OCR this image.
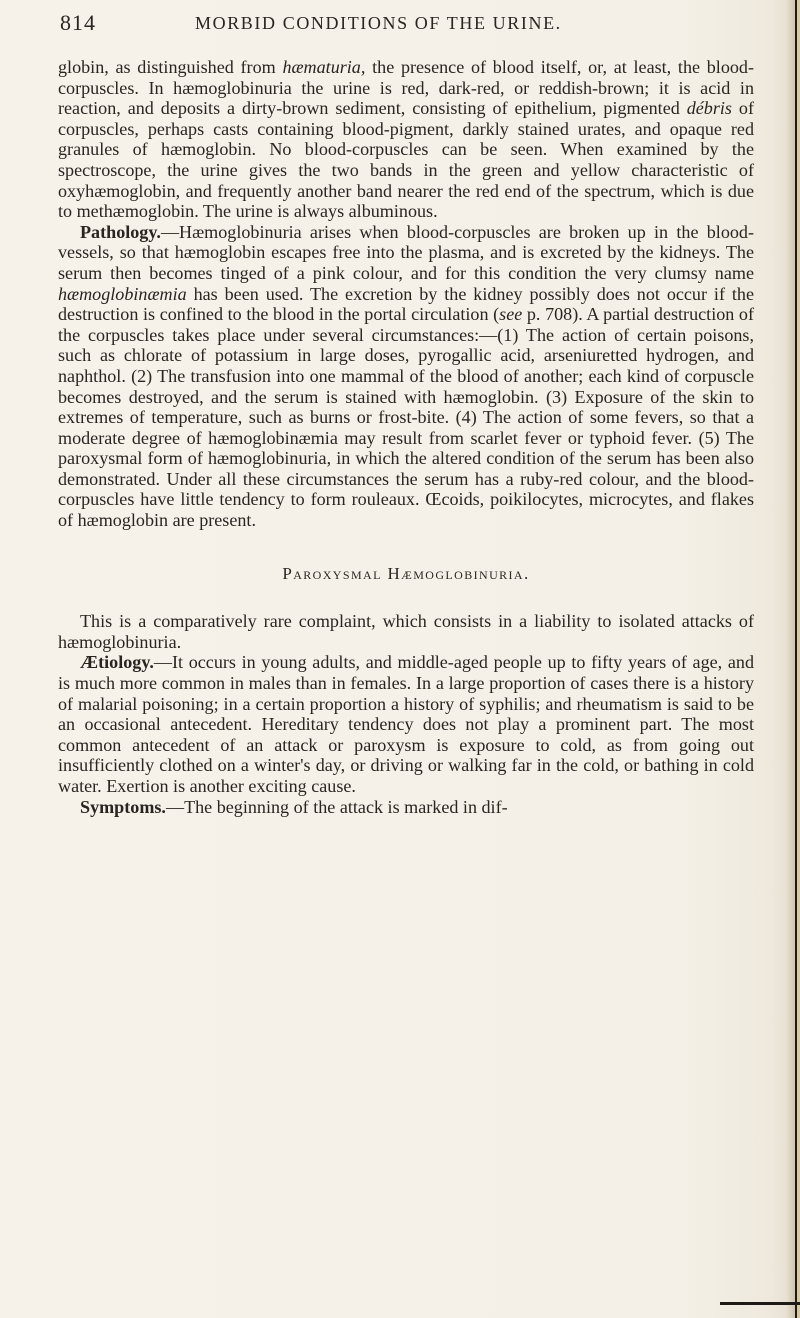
814	MORBID CONDITIONS OF THE URINE.

globin, as distinguished from hæmaturia, the presence of blood itself, or, at least, the blood-corpuscles. In hæmoglobinuria the urine is red, dark-red, or reddish-brown; it is acid in reaction, and deposits a dirty-brown sediment, consisting of epithelium, pigmented débris of corpuscles, perhaps casts containing blood-pigment, darkly stained urates, and opaque red granules of hæmoglobin. No blood-corpuscles can be seen. When examined by the spectroscope, the urine gives the two bands in the green and yellow characteristic of oxyhæmoglobin, and frequently another band nearer the red end of the spectrum, which is due to methæmoglobin. The urine is always albuminous.

Pathology.—Hæmoglobinuria arises when blood-corpuscles are broken up in the blood-vessels, so that hæmoglobin escapes free into the plasma, and is excreted by the kidneys. The serum then becomes tinged of a pink colour, and for this condition the very clumsy name hæmoglobinæmia has been used. The excretion by the kidney possibly does not occur if the destruction is confined to the blood in the portal circulation (see p. 708). A partial destruction of the corpuscles takes place under several circumstances:—(1) The action of certain poisons, such as chlorate of potassium in large doses, pyrogallic acid, arseniuretted hydrogen, and naphthol. (2) The transfusion into one mammal of the blood of another; each kind of corpuscle becomes destroyed, and the serum is stained with hæmoglobin. (3) Exposure of the skin to extremes of temperature, such as burns or frost-bite. (4) The action of some fevers, so that a moderate degree of hæmoglobinæmia may result from scarlet fever or typhoid fever. (5) The paroxysmal form of hæmoglobinuria, in which the altered condition of the serum has been also demonstrated. Under all these circumstances the serum has a ruby-red colour, and the blood-corpuscles have little tendency to form rouleaux. Œcoids, poikilocytes, microcytes, and flakes of hæmoglobin are present.

Paroxysmal Hæmoglobinuria.

This is a comparatively rare complaint, which consists in a liability to isolated attacks of hæmoglobinuria.

Ætiology.—It occurs in young adults, and middle-aged people up to fifty years of age, and is much more common in males than in females. In a large proportion of cases there is a history of malarial poisoning; in a certain proportion a history of syphilis; and rheumatism is said to be an occasional antecedent. Hereditary tendency does not play a prominent part. The most common antecedent of an attack or paroxysm is exposure to cold, as from going out insufficiently clothed on a winter's day, or driving or walking far in the cold, or bathing in cold water. Exertion is another exciting cause.

Symptoms.—The beginning of the attack is marked in dif-
